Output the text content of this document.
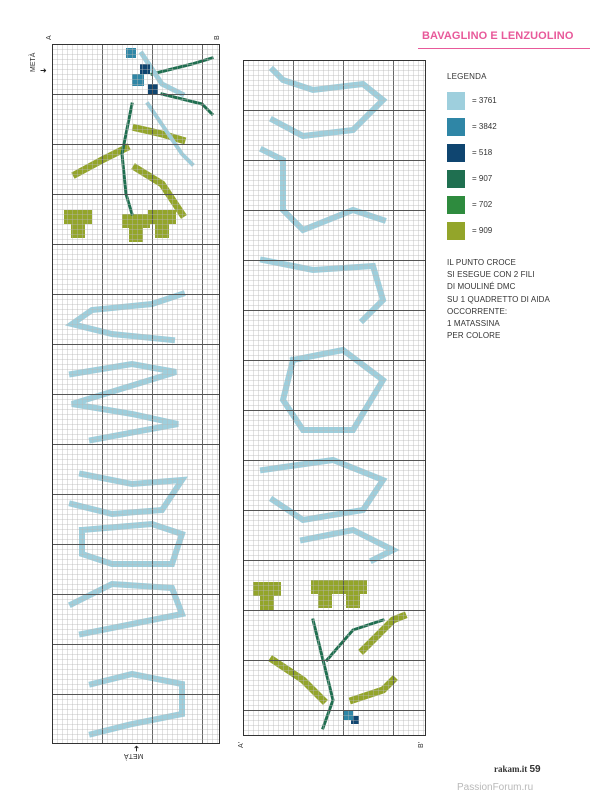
BAVAGLINO E LENZUOLINO
A	B
METÀ ➜
METÀ
➜
A'	B'
LEGENDA
= 3761
= 3842
= 518
= 907
= 702
= 909
IL PUNTO CROCE
SI ESEGUE CON 2 FILI
DI MOULINÉ DMC
SU 1 QUADRETTO DI AIDA
OCCORRENTE:
1 MATASSINA
PER COLORE
rakam.it 59
PassionForum.ru
